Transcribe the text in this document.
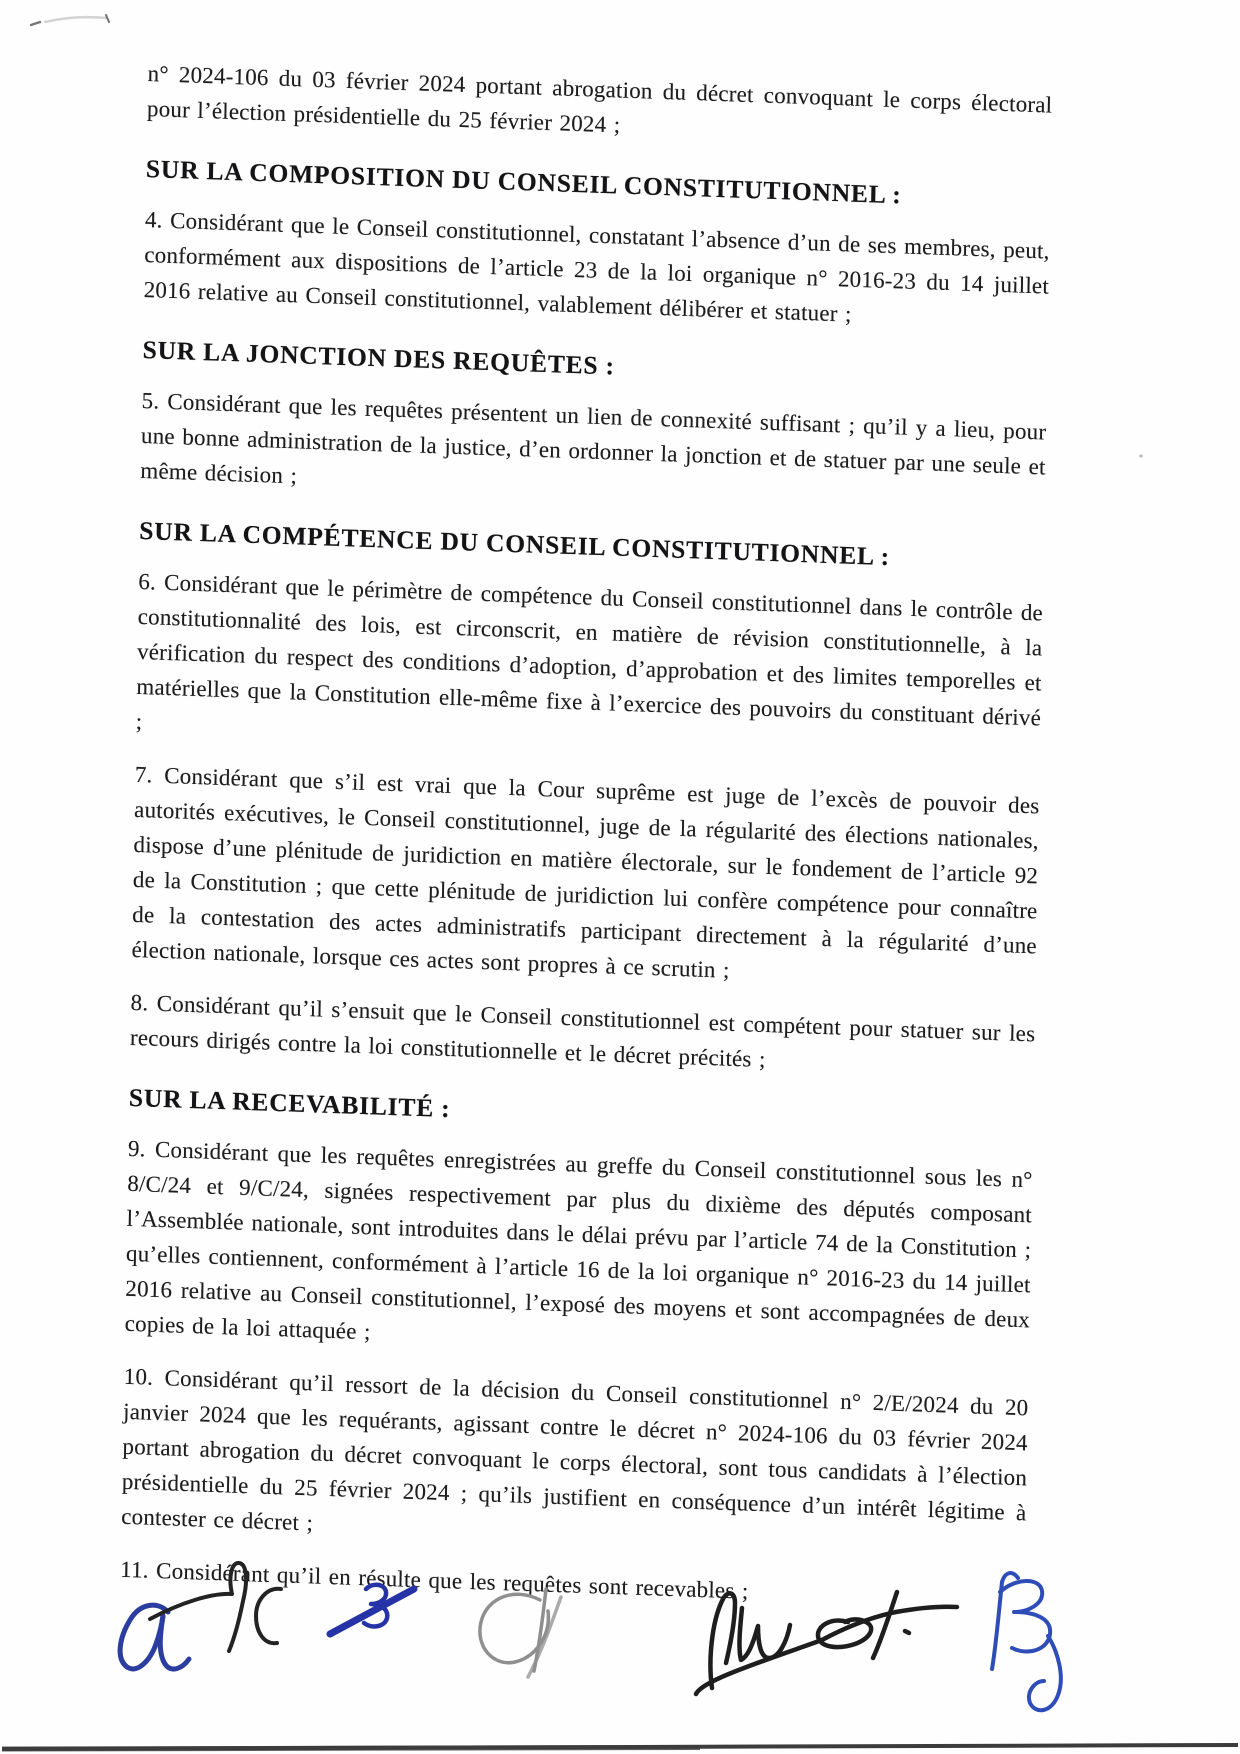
n° 2024-106 du 03 février 2024 portant abrogation du décret convoquant le corps électoral pour l’élection présidentielle du 25 février 2024 ;

SUR LA COMPOSITION DU CONSEIL CONSTITUTIONNEL :

4. Considérant que le Conseil constitutionnel, constatant l’absence d’un de ses membres, peut, conformément aux dispositions de l’article 23 de la loi organique n° 2016-23 du 14 juillet 2016 relative au Conseil constitutionnel, valablement délibérer et statuer ;

SUR LA JONCTION DES REQUÊTES :

5. Considérant que les requêtes présentent un lien de connexité suffisant ; qu’il y a lieu, pour une bonne administration de la justice, d’en ordonner la jonction et de statuer par une seule et même décision ;

SUR LA COMPÉTENCE DU CONSEIL CONSTITUTIONNEL :

6. Considérant que le périmètre de compétence du Conseil constitutionnel dans le contrôle de constitutionnalité des lois, est circonscrit, en matière de révision constitutionnelle, à la vérification du respect des conditions d’adoption, d’approbation et des limites temporelles et matérielles que la Constitution elle-même fixe à l’exercice des pouvoirs du constituant dérivé ;

7. Considérant que s’il est vrai que la Cour suprême est juge de l’excès de pouvoir des autorités exécutives, le Conseil constitutionnel, juge de la régularité des élections nationales, dispose d’une plénitude de juridiction en matière électorale, sur le fondement de l’article 92 de la Constitution ; que cette plénitude de juridiction lui confère compétence pour connaître de la contestation des actes administratifs participant directement à la régularité d’une élection nationale, lorsque ces actes sont propres à ce scrutin ;

8. Considérant qu’il s’ensuit que le Conseil constitutionnel est compétent pour statuer sur les recours dirigés contre la loi constitutionnelle et le décret précités ;

SUR LA RECEVABILITÉ :

9. Considérant que les requêtes enregistrées au greffe du Conseil constitutionnel sous les n° 8/C/24 et 9/C/24, signées respectivement par plus du dixième des députés composant l’Assemblée nationale, sont introduites dans le délai prévu par l’article 74 de la Constitution ; qu’elles contiennent, conformément à l’article 16 de la loi organique n° 2016-23 du 14 juillet 2016 relative au Conseil constitutionnel, l’exposé des moyens et sont accompagnées de deux copies de la loi attaquée ;

10. Considérant qu’il ressort de la décision du Conseil constitutionnel n° 2/E/2024 du 20 janvier 2024 que les requérants, agissant contre le décret n° 2024-106 du 03 février 2024 portant abrogation du décret convoquant le corps électoral, sont tous candidats à l’élection présidentielle du 25 février 2024 ; qu’ils justifient en conséquence d’un intérêt légitime à contester ce décret ;

11. Considérant qu’il en résulte que les requêtes sont recevables ;
